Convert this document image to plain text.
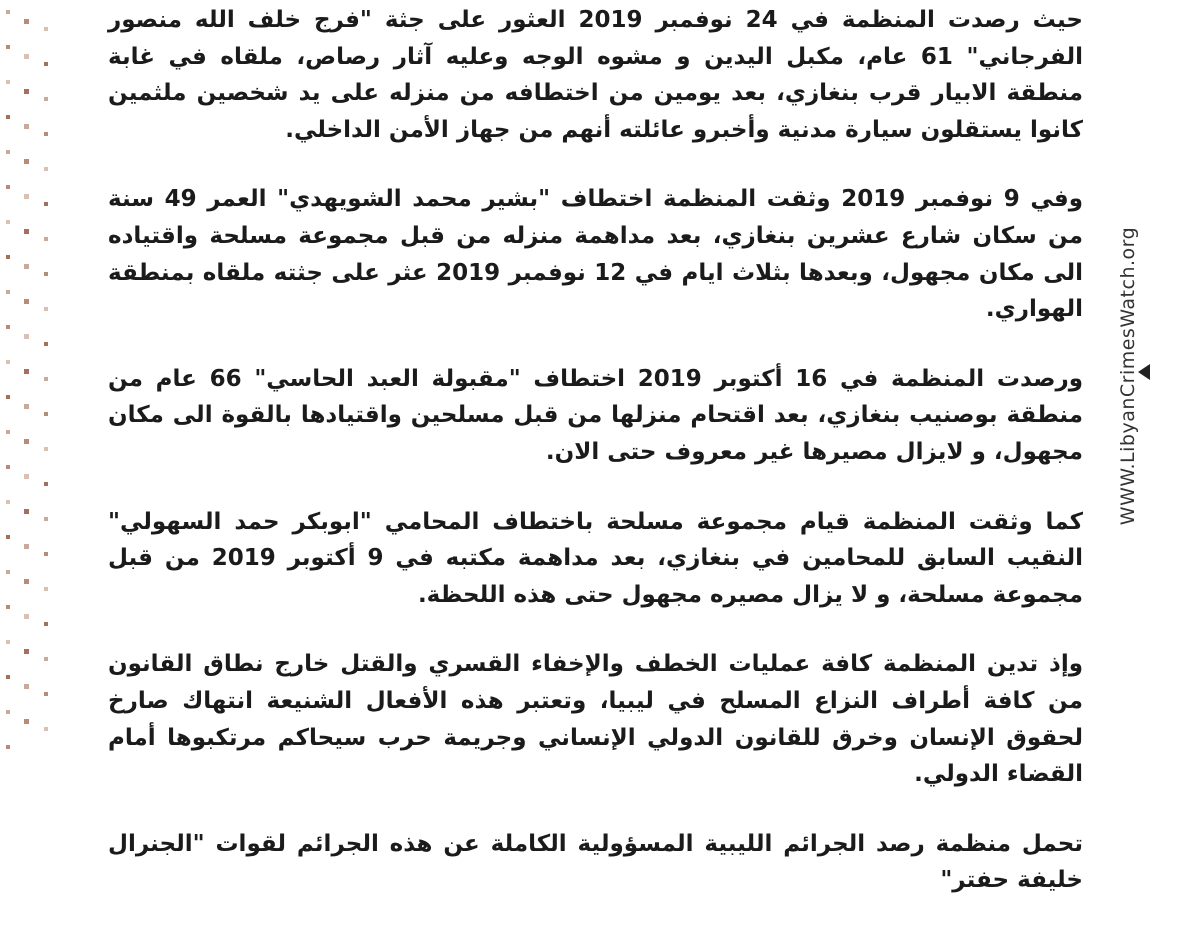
حيث رصدت المنظمة في 24 نوفمبر 2019 العثور على جثة "فرج خلف الله منصور الفرجاني" 61 عام، مكبل اليدين و مشوه الوجه وعليه آثار رصاص، ملقاه في غابة منطقة الابيار قرب بنغازي، بعد يومين من اختطافه من منزله على يد شخصين ملثمين كانوا يستقلون سيارة مدنية وأخبرو عائلته أنهم من جهاز الأمن الداخلي.

وفي 9 نوفمبر 2019 وثقت المنظمة اختطاف "بشير محمد الشويهدي" العمر 49 سنة من سكان شارع عشرين بنغازي، بعد مداهمة منزله من قبل مجموعة مسلحة واقتياده الى مكان مجهول، وبعدها بثلاث ايام في 12 نوفمبر 2019 عثر على جثته ملقاه بمنطقة الهواري.

ورصدت المنظمة في 16 أكتوبر 2019 اختطاف "مقبولة العبد الحاسي" 66 عام من منطقة بوصنيب بنغازي، بعد اقتحام منزلها من قبل مسلحين واقتيادها بالقوة الى مكان مجهول، و لايزال مصيرها غير معروف حتى الان.

كما وثقت المنظمة قيام مجموعة مسلحة باختطاف المحامي "ابوبكر حمد السهولي" النقيب السابق للمحامين في بنغازي، بعد مداهمة مكتبه في 9 أكتوبر 2019 من قبل مجموعة مسلحة، و لا يزال مصيره مجهول حتى هذه اللحظة.

وإذ تدين المنظمة كافة عمليات الخطف والإخفاء القسري والقتل خارج نطاق القانون من كافة أطراف النزاع المسلح في ليبيا، وتعتبر هذه الأفعال الشنيعة انتهاك صارخ لحقوق الإنسان وخرق للقانون الدولي الإنساني وجريمة حرب سيحاكم مرتكبوها أمام القضاء الدولي.

تحمل منظمة رصد الجرائم الليبية المسؤولية الكاملة عن هذه الجرائم لقوات "الجنرال خليفة حفتر"

WWW.LibyanCrimesWatch.org
